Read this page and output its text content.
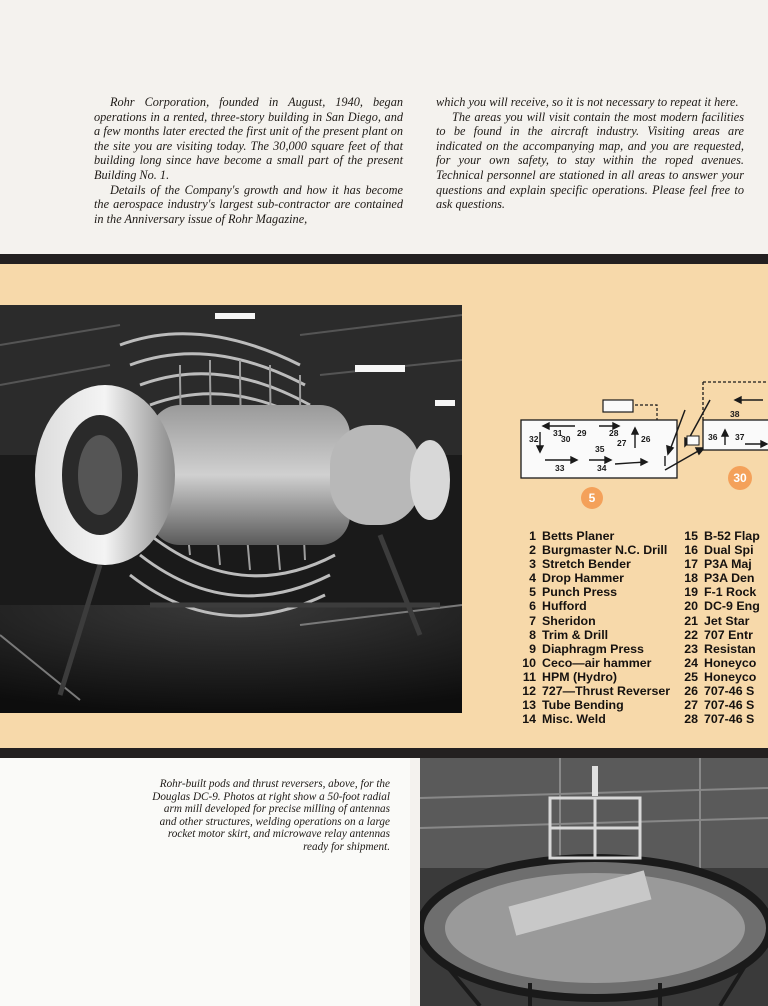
Rohr Corporation, founded in August, 1940, began operations in a rented, three-story building in San Diego, and a few months later erected the first unit of the present plant on the site you are visiting today. The 30,000 square feet of that building long since have become a small part of the present Building No. 1.

Details of the Company's growth and how it has become the aerospace industry's largest sub-contractor are contained in the Anniversary issue of Rohr Magazine,

which you will receive, so it is not necessary to repeat it here.

The areas you will visit contain the most modern facilities to be found in the aircraft industry. Visiting areas are indicated on the accompanying map, and you are requested, for your own safety, to stay within the roped avenues. Technical personnel are stationed in all areas to answer your questions and explain specific operations. Please feel free to ask questions.

32
31
30
29	28
35
27 26
33	34
38
36 37
5
30
1 Betts Planer
2 Burgmaster N.C. Drill
3 Stretch Bender
4 Drop Hammer
5 Punch Press
6 Hufford
7 Sheridon
8 Trim & Drill
9 Diaphragm Press
10 Ceco—air hammer
11 HPM (Hydro)
12 727—Thrust Reverser
13 Tube Bending
14 Misc. Weld
15 B-52 Flap
16 Dual Spi
17 P3A Maj
18 P3A Den
19 F-1 Rock
20 DC-9 Eng
21 Jet Star
22 707 Entr
23 Resistan
24 Honeyco
25 Honeyco
26 707-46 S
27 707-46 S
28 707-46 S
Rohr-built pods and thrust reversers, above, for the Douglas DC-9. Photos at right show a 50-foot radial arm mill developed for precise milling of antennas and other structures, welding operations on a large rocket motor skirt, and microwave relay antennas ready for shipment.
